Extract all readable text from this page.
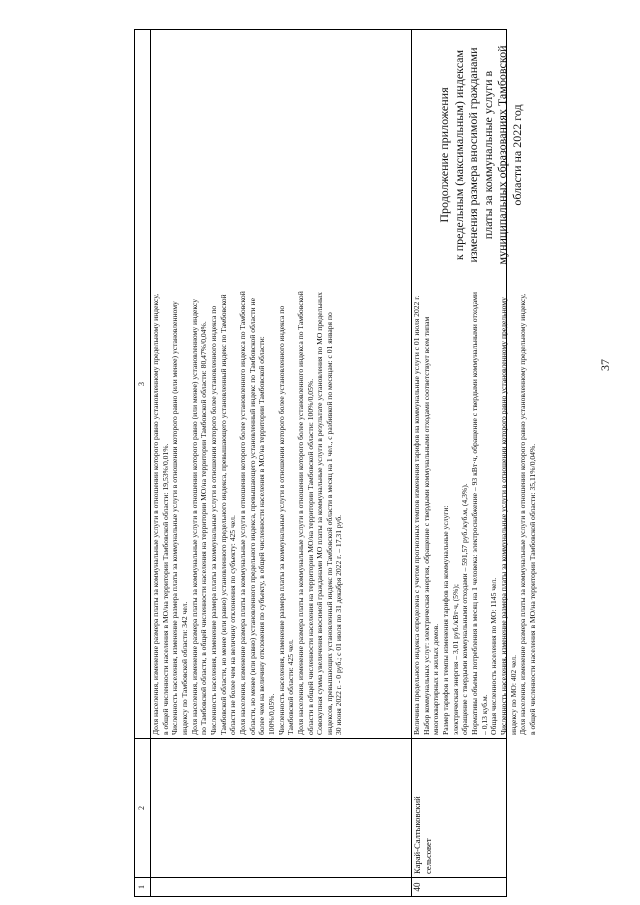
37
Продолжение приложения к предельным (максимальным) индексам изменения размера вносимой гражданами платы за коммунальные услуги в муниципальных образованиях Тамбовской области на 2022 год
1
2
3 Доля населения, изменение размера платы за коммунальные услуги в отношении которого равно установленному предельному индексу, в общей численности населения в MO/на территории Тамбовской области: 19,53%/0,01%. Численность населения, изменение размера платы за коммунальные услуги в отношении которого равно (или менее) установленному индексу по Тамбовской области: 342 чел. Доля населения, изменение размера платы за коммунальные услуги в отношении которого равно (или менее) установленному индексу по Тамбовской области, в общей численности населения на территории МО/на территории Тамбовской области: 80,47%/0,04%. Численность населения, изменение размера платы за коммунальные услуги в отношении которого более установленного индекса по Тамбовской области, но менее (или равно) установленного предельного индекса, превышающего установленный индекс по Тамбовской области не более чем на величину отклонения по субъекту: 425 чел. Доля населения, изменение размера платы за коммунальные услуги в отношении которого более установленного индекса по Тамбовской области, но менее (или равно) установленного предельного индекса, превышающего установленный индекс по Тамбовской области не более чем на величину отклонения по субъекту, в общей численности населения в МО/на территории Тамбовской области: 100%/0,05%. Численность населения, изменение размера платы за коммунальные услуги в отношении которого более установленного индекса по Тамбовской области: 425 чел. Доля населения, изменение размера платы за коммунальные услуги в отношении которого более установленного индекса по Тамбовской области в общей численности населения на территории МО/на территории Тамбовской области: 100%/0,05%. Совокупная сумма увеличения вносимой гражданами МО платы за коммунальные услуги в результате установления по МО предельных индексов, превышающих установленный индекс по Тамбовской области в месяц на 1 чел., с разбивкой по месяцам: с 01 января по 30 июня 2022 г. - 0 руб.; с 01 июля по 31 декабря 2022 г. – 17,31 руб.
40
Карай-Салтыковский сельсовет
Величина предельного индекса определена с учетом прогнозных темпов изменения тарифов на коммунальные услуги с 01 июля 2022 г. Набор коммунальных услуг: электрическая энергия, обращение с твердыми коммунальными отходами соответствует всем типам многоквартирных и жилых домов. Размер тарифов и темпы изменения тарифов на коммунальные услуги: электрическая энергия – 3,01 руб./кВт·ч, (5%); обращение с твердыми коммунальными отходами – 591,57 руб./куб.м, (4,3%). Нормативы объемы потребления в месяц на 1 человека: электроснабжение – 93 кВт·ч, обращение с твердыми коммунальными отходами – 0,13 куб.м. Общая численность населения по МО: 1145 чел. Численность населения, изменение размера платы за коммунальные услуги в отношении которого равно установленному предельному индексу по МО: 402 чел. Доля населения, изменение размера платы за коммунальные услуги в отношении которого равно установленному предельному индексу, в общей численности населения в MO/на территории Тамбовской области: 35,11%/0,04%.
